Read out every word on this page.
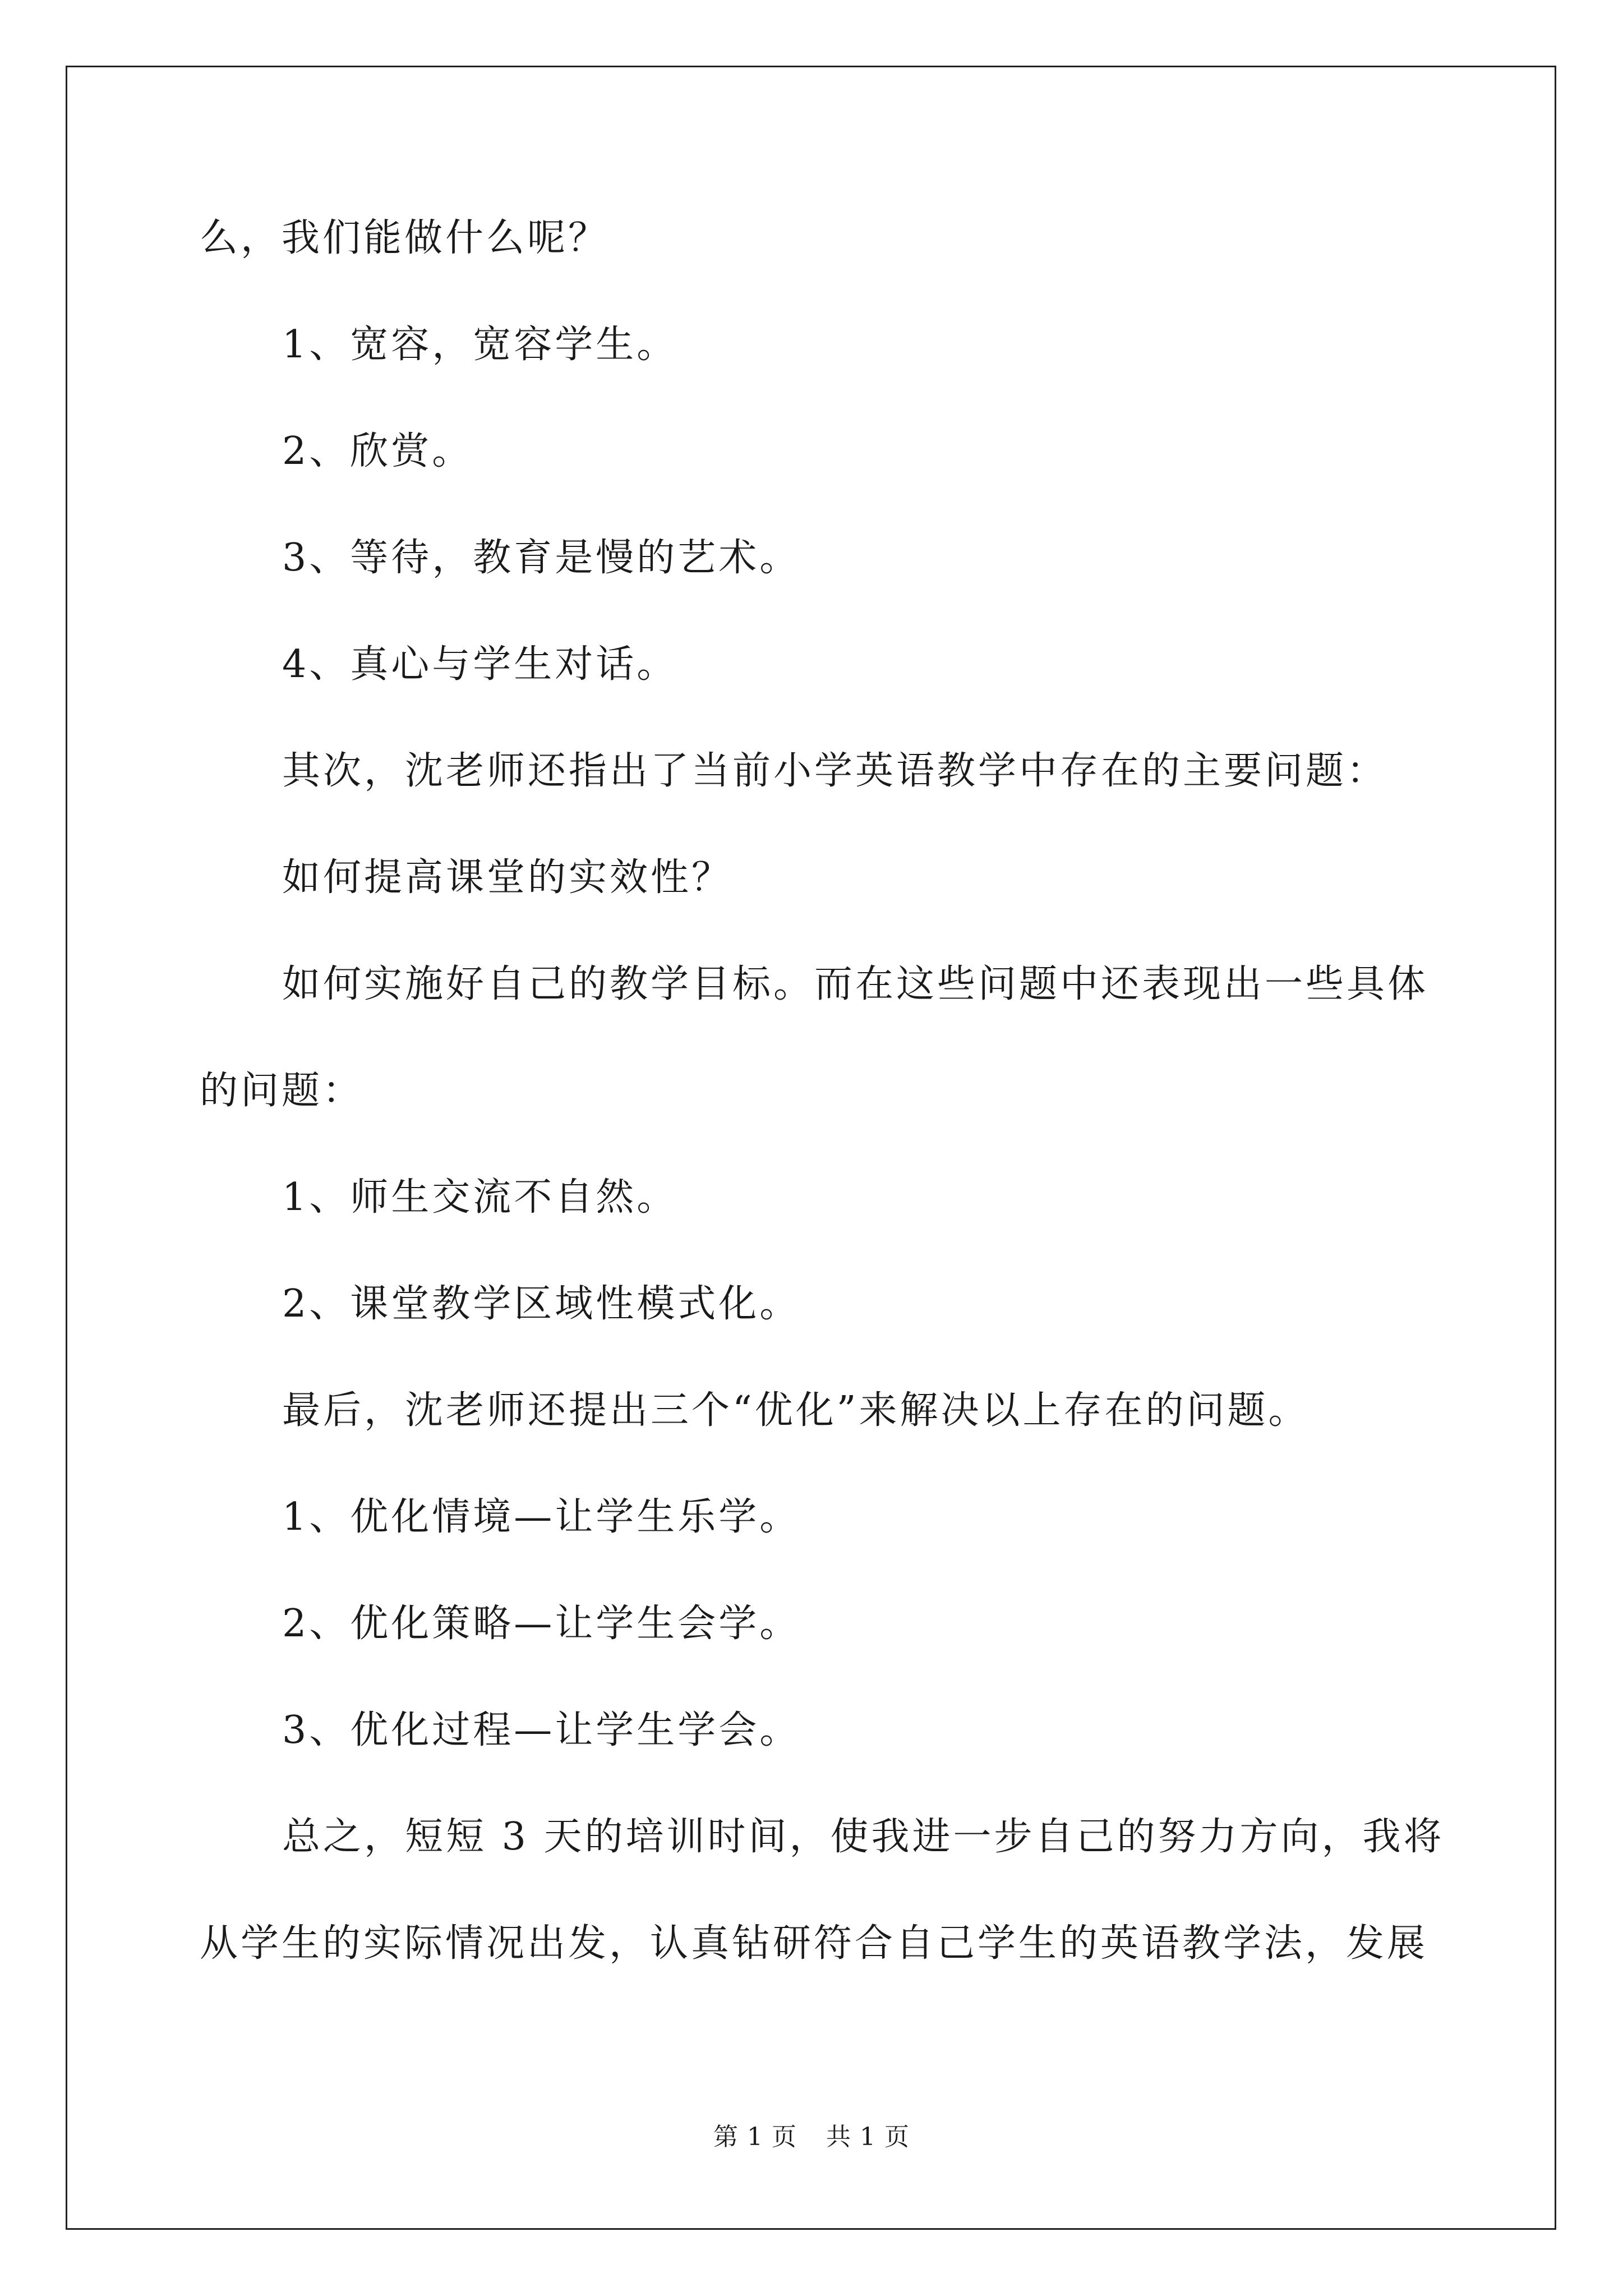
么，我们能做什么呢？
1、宽容，宽容学生。
2、欣赏。
3、等待，教育是慢的艺术。
4、真心与学生对话。
其次，沈老师还指出了当前小学英语教学中存在的主要问题：
如何提高课堂的实效性？
如何实施好自己的教学目标。而在这些问题中还表现出一些具体
的问题：
1、师生交流不自然。
2、课堂教学区域性模式化。
最后，沈老师还提出三个“优化”来解决以上存在的问题。
1、优化情境—让学生乐学。
2、优化策略—让学生会学。
3、优化过程—让学生学会。
总之，短短 3 天的培训时间，使我进一步自己的努力方向，我将
从学生的实际情况出发，认真钻研符合自己学生的英语教学法，发展
第 1 页 共 1 页
